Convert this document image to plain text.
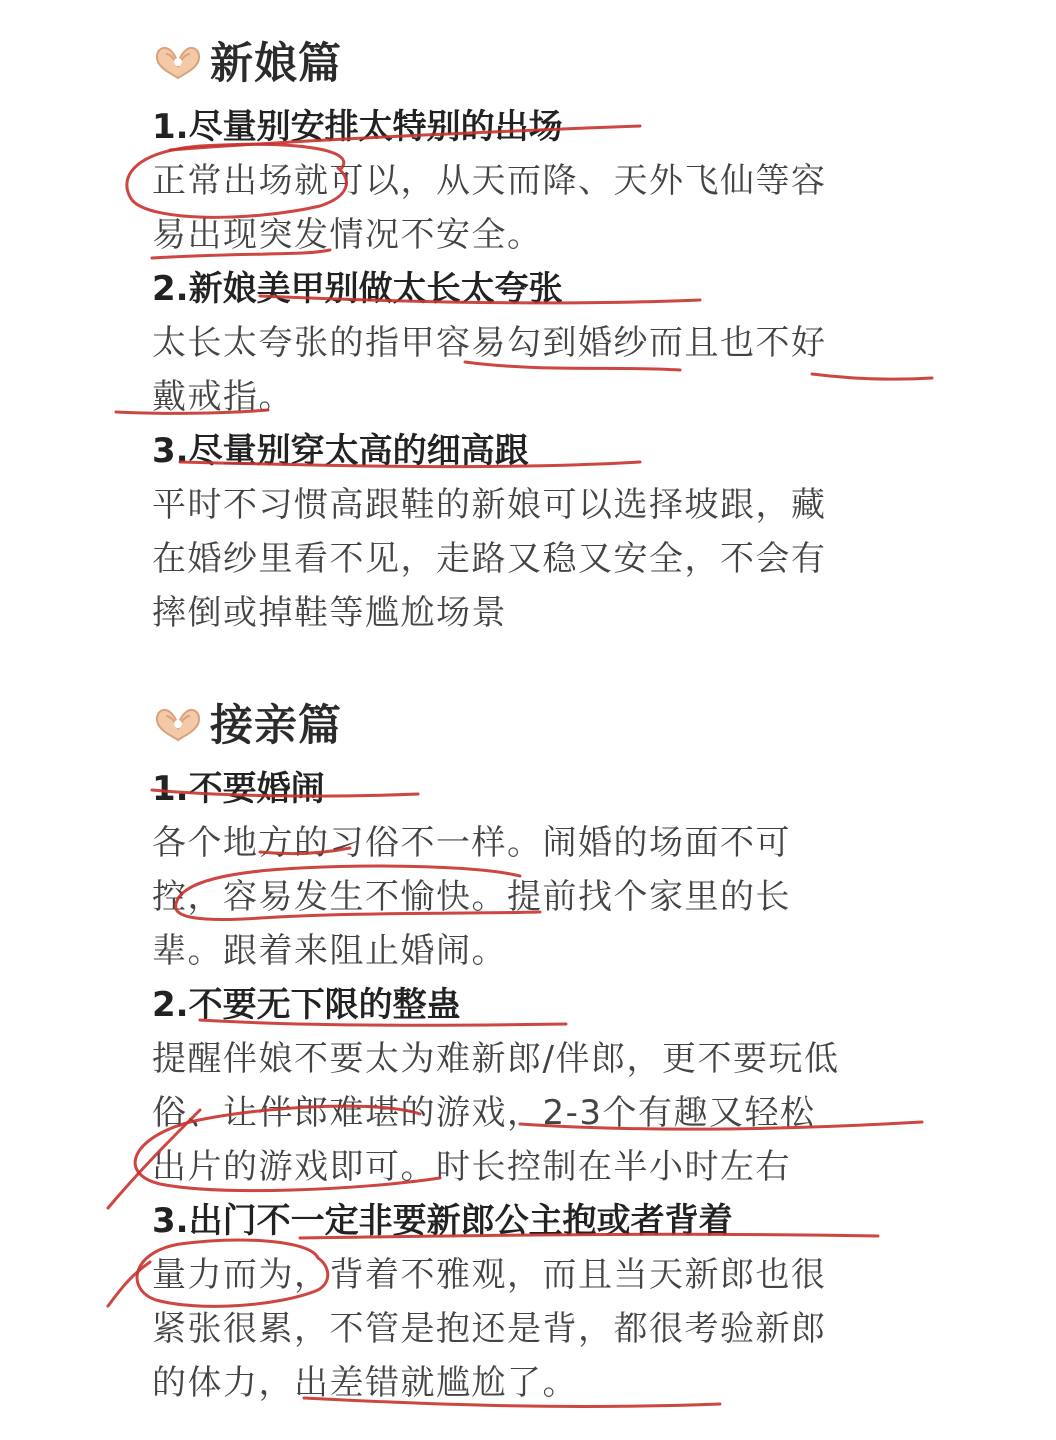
新娘篇
1.尽量别安排太特别的出场
正常出场就可以，从天而降、天外飞仙等容
易出现突发情况不安全。
2.新娘美甲别做太长太夸张
太长太夸张的指甲容易勾到婚纱而且也不好
戴戒指。
3.尽量别穿太高的细高跟
平时不习惯高跟鞋的新娘可以选择坡跟，藏
在婚纱里看不见，走路又稳又安全，不会有
摔倒或掉鞋等尴尬场景
接亲篇
1.不要婚闹
各个地方的习俗不一样。闹婚的场面不可
控，容易发生不愉快。提前找个家里的长
辈。跟着来阻止婚闹。
2.不要无下限的整蛊
提醒伴娘不要太为难新郎/伴郎，更不要玩低
俗、让伴郎难堪的游戏，2-3个有趣又轻松
出片的游戏即可。时长控制在半小时左右
3.出门不一定非要新郎公主抱或者背着
量力而为，背着不雅观，而且当天新郎也很
紧张很累，不管是抱还是背，都很考验新郎
的体力，出差错就尴尬了。
